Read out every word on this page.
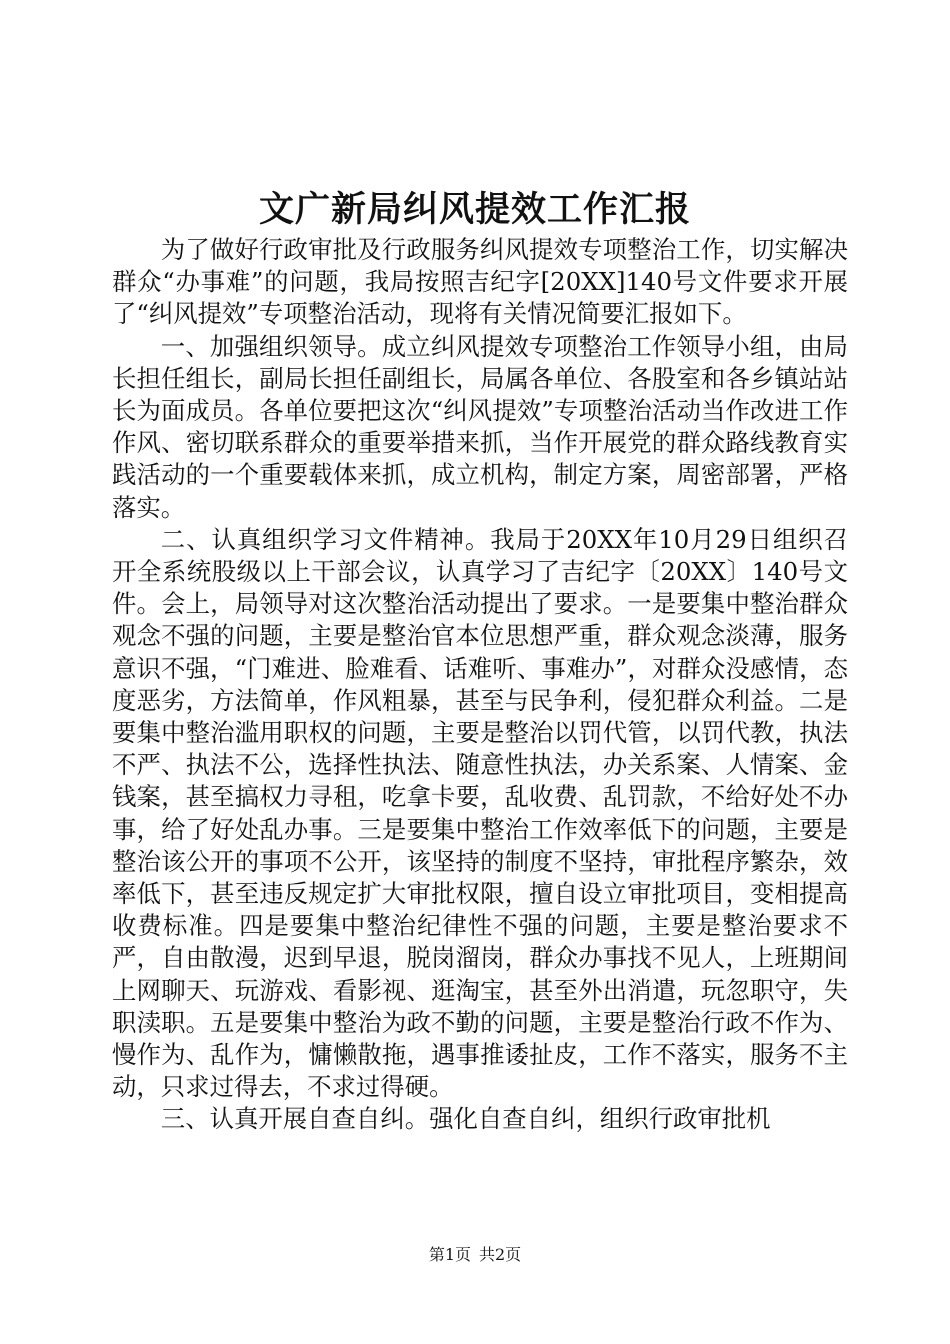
文广新局纠风提效工作汇报

为了做好行政审批及行政服务纠风提效专项整治工作，切实解决群众“办事难”的问题，我局按照吉纪字[20XX]140号文件要求开展了“纠风提效”专项整治活动，现将有关情况简要汇报如下。

一、加强组织领导。成立纠风提效专项整治工作领导小组，由局长担任组长，副局长担任副组长，局属各单位、各股室和各乡镇站站长为面成员。各单位要把这次“纠风提效”专项整治活动当作改进工作作风、密切联系群众的重要举措来抓，当作开展党的群众路线教育实践活动的一个重要载体来抓，成立机构，制定方案，周密部署，严格落实。

二、认真组织学习文件精神。我局于20XX年10月29日组织召开全系统股级以上干部会议，认真学习了吉纪字〔20XX〕140号文件。会上，局领导对这次整治活动提出了要求。一是要集中整治群众观念不强的问题，主要是整治官本位思想严重，群众观念淡薄，服务意识不强，“门难进、脸难看、话难听、事难办”，对群众没感情，态度恶劣，方法简单，作风粗暴，甚至与民争利，侵犯群众利益。二是要集中整治滥用职权的问题，主要是整治以罚代管，以罚代教，执法不严、执法不公，选择性执法、随意性执法，办关系案、人情案、金钱案，甚至搞权力寻租，吃拿卡要，乱收费、乱罚款，不给好处不办事，给了好处乱办事。三是要集中整治工作效率低下的问题，主要是整治该公开的事项不公开，该坚持的制度不坚持，审批程序繁杂，效率低下，甚至违反规定扩大审批权限，擅自设立审批项目，变相提高收费标准。四是要集中整治纪律性不强的问题，主要是整治要求不严，自由散漫，迟到早退，脱岗溜岗，群众办事找不见人，上班期间上网聊天、玩游戏、看影视、逛淘宝，甚至外出消遣，玩忽职守，失职渎职。五是要集中整治为政不勤的问题，主要是整治行政不作为、慢作为、乱作为，慵懒散拖，遇事推诿扯皮，工作不落实，服务不主动，只求过得去，不求过得硬。

三、认真开展自查自纠。强化自查自纠，组织行政审批机

第1页 共2页
